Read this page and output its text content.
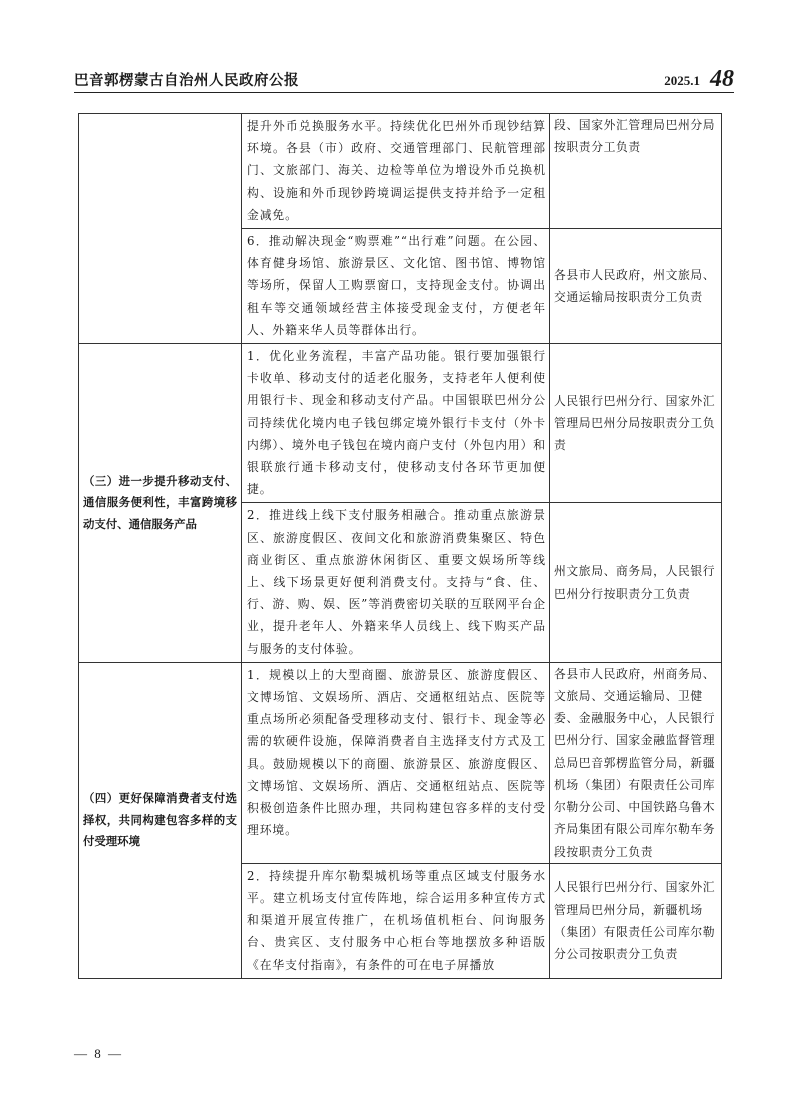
巴音郭楞蒙古自治州人民政府公报	2025.1 48
	提升外币兑换服务水平。持续优化巴州外币现钞结算环境。各县（市）政府、交通管理部门、民航管理部门、文旅部门、海关、边检等单位为增设外币兑换机构、设施和外币现钞跨境调运提供支持并给予一定租金减免。	段、国家外汇管理局巴州分局按职责分工负责
	6．推动解决现金“购票难”“出行难”问题。在公园、体育健身场馆、旅游景区、文化馆、图书馆、博物馆等场所，保留人工购票窗口，支持现金支付。协调出租车等交通领域经营主体接受现金支付，方便老年人、外籍来华人员等群体出行。	各县市人民政府，州文旅局、交通运输局按职责分工负责
（三）进一步提升移动支付、通信服务便利性，丰富跨境移动支付、通信服务产品	1．优化业务流程，丰富产品功能。银行要加强银行卡收单、移动支付的适老化服务，支持老年人便利使用银行卡、现金和移动支付产品。中国银联巴州分公司持续优化境内电子钱包绑定境外银行卡支付（外卡内绑）、境外电子钱包在境内商户支付（外包内用）和银联旅行通卡移动支付，使移动支付各环节更加便捷。	人民银行巴州分行、国家外汇管理局巴州分局按职责分工负责
	2．推进线上线下支付服务相融合。推动重点旅游景区、旅游度假区、夜间文化和旅游消费集聚区、特色商业街区、重点旅游休闲街区、重要文娱场所等线上、线下场景更好便利消费支付。支持与“食、住、行、游、购、娱、医”等消费密切关联的互联网平台企业，提升老年人、外籍来华人员线上、线下购买产品与服务的支付体验。	州文旅局、商务局，人民银行巴州分行按职责分工负责
（四）更好保障消费者支付选择权，共同构建包容多样的支付受理环境	1．规模以上的大型商圈、旅游景区、旅游度假区、文博场馆、文娱场所、酒店、交通枢纽站点、医院等重点场所必须配备受理移动支付、银行卡、现金等必需的软硬件设施，保障消费者自主选择支付方式及工具。鼓励规模以下的商圈、旅游景区、旅游度假区、文博场馆、文娱场所、酒店、交通枢纽站点、医院等积极创造条件比照办理，共同构建包容多样的支付受理环境。	各县市人民政府，州商务局、文旅局、交通运输局、卫健委、金融服务中心，人民银行巴州分行、国家金融监督管理总局巴音郭楞监管分局，新疆机场（集团）有限责任公司库尔勒分公司、中国铁路乌鲁木齐局集团有限公司库尔勒车务段按职责分工负责
	2．持续提升库尔勒梨城机场等重点区域支付服务水平。建立机场支付宣传阵地，综合运用多种宣传方式和渠道开展宣传推广，在机场值机柜台、问询服务台、贵宾区、支付服务中心柜台等地摆放多种语版《在华支付指南》，有条件的可在电子屏播放	人民银行巴州分行、国家外汇管理局巴州分局，新疆机场（集团）有限责任公司库尔勒分公司按职责分工负责
— 8 —
